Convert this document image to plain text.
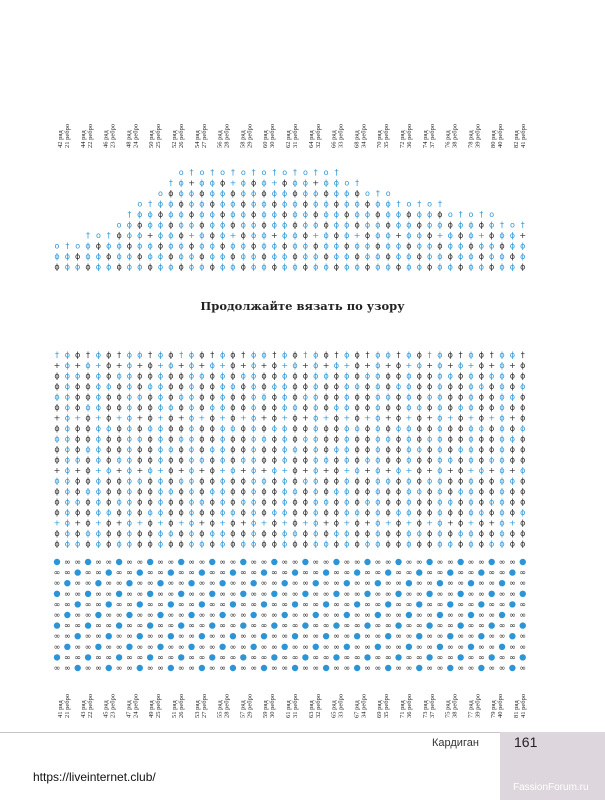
42 ряд 21 ребро 44 ряд 22 ребро 46 ряд 23 ребро 48 ряд 24 ребро 50 ряд 25 ребро 52 ряд 26 ребро 54 ряд 27 ребро 56 ряд 28 ребро 58 ряд 29 ребро 60 ряд 30 ребро 62 ряд 31 ребро 64 ряд 32 ребро 66 ряд 33 ребро 68 ряд 34 ребро 70 ряд 35 ребро 72 ряд 36 ребро 74 ряд 37 ребро 76 ряд 38 ребро 78 ряд 39 ребро 80 ряд 40 ребро 82 ряд 41 ребро
ϕ
ϕ
o
ϕ
ϕ
†
ϕ
ϕ
o
ϕ
ϕ
ϕ
†
ϕ
ϕ
ϕ
o
ϕ
ϕ
ϕ
†
ϕ
ϕ
ϕ
ϕ
o
ϕ
ϕ
ϕ
ϕ
ϕ
†
ϕ
ϕ
ϕ
ϕ
ϕ
ϕ
o
ϕ
ϕ
ϕ
+
ϕ
ϕ
†
ϕ
ϕ
ϕ
ϕ
ϕ
ϕ
ϕ
o
ϕ
ϕ
ϕ
ϕ
ϕ
ϕ
ϕ
ϕ
†
ϕ
ϕ
ϕ
ϕ
ϕ
ϕ
ϕ
ϕ
ϕ
o
ϕ
ϕ
ϕ
+
ϕ
ϕ
ϕ
ϕ
+
†
ϕ
ϕ
ϕ
ϕ
ϕ
ϕ
ϕ
ϕ
ϕ
o
ϕ
ϕ
ϕ
ϕ
ϕ
ϕ
ϕ
ϕ
ϕ
†
ϕ
ϕ
ϕ
ϕ
ϕ
ϕ
ϕ
ϕ
ϕ
o
ϕ
ϕ
ϕ
+
ϕ
ϕ
ϕ
ϕ
+
†
ϕ
ϕ
ϕ
ϕ
ϕ
ϕ
ϕ
ϕ
ϕ
o
ϕ
ϕ
ϕ
ϕ
ϕ
ϕ
ϕ
ϕ
ϕ
†
ϕ
ϕ
ϕ
ϕ
ϕ
ϕ
ϕ
ϕ
ϕ
o
ϕ
ϕ
ϕ
+
ϕ
ϕ
ϕ
ϕ
+
†
ϕ
ϕ
ϕ
ϕ
ϕ
ϕ
ϕ
ϕ
ϕ
o
ϕ
ϕ
ϕ
ϕ
ϕ
ϕ
ϕ
ϕ
ϕ
†
ϕ
ϕ
ϕ
ϕ
ϕ
ϕ
ϕ
ϕ
ϕ
o
ϕ
ϕ
ϕ
+
ϕ
ϕ
ϕ
ϕ
+
†
ϕ
ϕ
ϕ
ϕ
ϕ
ϕ
ϕ
ϕ
ϕ
o
ϕ
ϕ
ϕ
ϕ
ϕ
ϕ
ϕ
ϕ
ϕ
†
ϕ
ϕ
ϕ
ϕ
ϕ
ϕ
ϕ
ϕ
o
ϕ
ϕ
ϕ
+
ϕ
ϕ
ϕ
ϕ
†
ϕ
ϕ
ϕ
ϕ
ϕ
ϕ
ϕ
o
ϕ
ϕ
ϕ
ϕ
ϕ
ϕ
ϕ
†
ϕ
ϕ
ϕ
ϕ
ϕ
ϕ
ϕ
o
ϕ
ϕ
ϕ
+
ϕ
ϕ
†
ϕ
ϕ
ϕ
ϕ
ϕ
ϕ
o
ϕ
ϕ
ϕ
ϕ
ϕ
ϕ
†
ϕ
ϕ
ϕ
ϕ
ϕ
ϕ
o
ϕ
ϕ
ϕ
+
ϕ
ϕ
†
ϕ
ϕ
ϕ
ϕ
ϕ
o
ϕ
ϕ
ϕ
ϕ
ϕ
†
ϕ
ϕ
ϕ
ϕ
ϕ
o
ϕ
ϕ
ϕ
+
ϕ
†
ϕ
ϕ
ϕ
ϕ
ϕ
o
ϕ
ϕ
ϕ
ϕ
†
ϕ
ϕ
ϕ
ϕ
o
ϕ
ϕ
ϕ
+
†
Продолжайте вязать по узору
41 ряд 21 ребро 43 ряд 22 ребро 45 ряд 23 ребро 47 ряд 24 ребро 49 ряд 25 ребро 51 ряд 26 ребро 53 ряд 27 ребро 55 ряд 28 ребро 57 ряд 29 ребро 59 ряд 30 ребро 61 ряд 31 ребро 63 ряд 32 ребро 65 ряд 33 ребро 67 ряд 34 ребро 69 ряд 35 ребро 71 ряд 36 ребро 73 ряд 37 ребро 75 ряд 38 ребро 77 ряд 39 ребро 79 ряд 40 ребро 81 ряд 41 ребро
†
+
ϕ
ϕ
ϕ
ϕ
+
ϕ
ϕ
ϕ
ϕ
+
ϕ
ϕ
ϕ
ϕ
+
ϕ
ϕ
∞
∞
∞
∞
∞
∞
∞
ϕ
ϕ
ϕ
ϕ
ϕ
ϕ
ϕ
ϕ
ϕ
ϕ
ϕ
ϕ
ϕ
ϕ
ϕ
ϕ
ϕ
ϕ
ϕ
∞
∞
∞
∞
∞
∞
∞
∞
ϕ
+
ϕ
ϕ
ϕ
ϕ
+
ϕ
ϕ
ϕ
ϕ
+
ϕ
ϕ
ϕ
ϕ
+
ϕ
ϕ
∞
∞
∞
∞
∞
∞
∞
†
ϕ
ϕ
ϕ
ϕ
ϕ
ϕ
ϕ
ϕ
ϕ
ϕ
ϕ
ϕ
ϕ
ϕ
ϕ
ϕ
ϕ
ϕ
∞
∞
∞
∞
∞
∞
∞
ϕ
+
ϕ
ϕ
ϕ
ϕ
+
ϕ
ϕ
ϕ
ϕ
+
ϕ
ϕ
ϕ
ϕ
+
ϕ
ϕ
∞
∞
∞
∞
∞
∞
∞
∞
ϕ
ϕ
ϕ
ϕ
ϕ
ϕ
ϕ
ϕ
ϕ
ϕ
ϕ
ϕ
ϕ
ϕ
ϕ
ϕ
ϕ
ϕ
ϕ
∞
∞
∞
∞
∞
∞
∞
†
+
ϕ
ϕ
ϕ
ϕ
+
ϕ
ϕ
ϕ
ϕ
+
ϕ
ϕ
ϕ
ϕ
+
ϕ
ϕ
∞
∞
∞
∞
∞
∞
∞
ϕ
ϕ
ϕ
ϕ
ϕ
ϕ
ϕ
ϕ
ϕ
ϕ
ϕ
ϕ
ϕ
ϕ
ϕ
ϕ
ϕ
ϕ
ϕ
∞
∞
∞
∞
∞
∞
∞
∞
ϕ
+
ϕ
ϕ
ϕ
ϕ
+
ϕ
ϕ
ϕ
ϕ
+
ϕ
ϕ
ϕ
ϕ
+
ϕ
ϕ
∞
∞
∞
∞
∞
∞
∞
†
ϕ
ϕ
ϕ
ϕ
ϕ
ϕ
ϕ
ϕ
ϕ
ϕ
ϕ
ϕ
ϕ
ϕ
ϕ
ϕ
ϕ
ϕ
∞
∞
∞
∞
∞
∞
∞
ϕ
+
ϕ
ϕ
ϕ
ϕ
+
ϕ
ϕ
ϕ
ϕ
+
ϕ
ϕ
ϕ
ϕ
+
ϕ
ϕ
∞
∞
∞
∞
∞
∞
∞
∞
ϕ
ϕ
ϕ
ϕ
ϕ
ϕ
ϕ
ϕ
ϕ
ϕ
ϕ
ϕ
ϕ
ϕ
ϕ
ϕ
ϕ
ϕ
ϕ
∞
∞
∞
∞
∞
∞
∞
†
+
ϕ
ϕ
ϕ
ϕ
+
ϕ
ϕ
ϕ
ϕ
+
ϕ
ϕ
ϕ
ϕ
+
ϕ
ϕ
∞
∞
∞
∞
∞
∞
∞
ϕ
ϕ
ϕ
ϕ
ϕ
ϕ
ϕ
ϕ
ϕ
ϕ
ϕ
ϕ
ϕ
ϕ
ϕ
ϕ
ϕ
ϕ
ϕ
∞
∞
∞
∞
∞
∞
∞
∞
ϕ
+
ϕ
ϕ
ϕ
ϕ
+
ϕ
ϕ
ϕ
ϕ
+
ϕ
ϕ
ϕ
ϕ
+
ϕ
ϕ
∞
∞
∞
∞
∞
∞
∞
†
ϕ
ϕ
ϕ
ϕ
ϕ
ϕ
ϕ
ϕ
ϕ
ϕ
ϕ
ϕ
ϕ
ϕ
ϕ
ϕ
ϕ
ϕ
∞
∞
∞
∞
∞
∞
∞
ϕ
+
ϕ
ϕ
ϕ
ϕ
+
ϕ
ϕ
ϕ
ϕ
+
ϕ
ϕ
ϕ
ϕ
+
ϕ
ϕ
∞
∞
∞
∞
∞
∞
∞
∞
ϕ
ϕ
ϕ
ϕ
ϕ
ϕ
ϕ
ϕ
ϕ
ϕ
ϕ
ϕ
ϕ
ϕ
ϕ
ϕ
ϕ
ϕ
ϕ
∞
∞
∞
∞
∞
∞
∞
†
+
ϕ
ϕ
ϕ
ϕ
+
ϕ
ϕ
ϕ
ϕ
+
ϕ
ϕ
ϕ
ϕ
+
ϕ
ϕ
∞
∞
∞
∞
∞
∞
∞
ϕ
ϕ
ϕ
ϕ
ϕ
ϕ
ϕ
ϕ
ϕ
ϕ
ϕ
ϕ
ϕ
ϕ
ϕ
ϕ
ϕ
ϕ
ϕ
∞
∞
∞
∞
∞
∞
∞
∞
ϕ
+
ϕ
ϕ
ϕ
ϕ
+
ϕ
ϕ
ϕ
ϕ
+
ϕ
ϕ
ϕ
ϕ
+
ϕ
ϕ
∞
∞
∞
∞
∞
∞
∞
†
ϕ
ϕ
ϕ
ϕ
ϕ
ϕ
ϕ
ϕ
ϕ
ϕ
ϕ
ϕ
ϕ
ϕ
ϕ
ϕ
ϕ
ϕ
∞
∞
∞
∞
∞
∞
∞
ϕ
+
ϕ
ϕ
ϕ
ϕ
+
ϕ
ϕ
ϕ
ϕ
+
ϕ
ϕ
ϕ
ϕ
+
ϕ
ϕ
∞
∞
∞
∞
∞
∞
∞
∞
ϕ
ϕ
ϕ
ϕ
ϕ
ϕ
ϕ
ϕ
ϕ
ϕ
ϕ
ϕ
ϕ
ϕ
ϕ
ϕ
ϕ
ϕ
ϕ
∞
∞
∞
∞
∞
∞
∞
†
+
ϕ
ϕ
ϕ
ϕ
+
ϕ
ϕ
ϕ
ϕ
+
ϕ
ϕ
ϕ
ϕ
+
ϕ
ϕ
∞
∞
∞
∞
∞
∞
∞
ϕ
ϕ
ϕ
ϕ
ϕ
ϕ
ϕ
ϕ
ϕ
ϕ
ϕ
ϕ
ϕ
ϕ
ϕ
ϕ
ϕ
ϕ
ϕ
∞
∞
∞
∞
∞
∞
∞
∞
ϕ
+
ϕ
ϕ
ϕ
ϕ
+
ϕ
ϕ
ϕ
ϕ
+
ϕ
ϕ
ϕ
ϕ
+
ϕ
ϕ
∞
∞
∞
∞
∞
∞
∞
†
ϕ
ϕ
ϕ
ϕ
ϕ
ϕ
ϕ
ϕ
ϕ
ϕ
ϕ
ϕ
ϕ
ϕ
ϕ
ϕ
ϕ
ϕ
∞
∞
∞
∞
∞
∞
∞
ϕ
+
ϕ
ϕ
ϕ
ϕ
+
ϕ
ϕ
ϕ
ϕ
+
ϕ
ϕ
ϕ
ϕ
+
ϕ
ϕ
∞
∞
∞
∞
∞
∞
∞
∞
ϕ
ϕ
ϕ
ϕ
ϕ
ϕ
ϕ
ϕ
ϕ
ϕ
ϕ
ϕ
ϕ
ϕ
ϕ
ϕ
ϕ
ϕ
ϕ
∞
∞
∞
∞
∞
∞
∞
†
+
ϕ
ϕ
ϕ
ϕ
+
ϕ
ϕ
ϕ
ϕ
+
ϕ
ϕ
ϕ
ϕ
+
ϕ
ϕ
∞
∞
∞
∞
∞
∞
∞
ϕ
ϕ
ϕ
ϕ
ϕ
ϕ
ϕ
ϕ
ϕ
ϕ
ϕ
ϕ
ϕ
ϕ
ϕ
ϕ
ϕ
ϕ
ϕ
∞
∞
∞
∞
∞
∞
∞
∞
ϕ
+
ϕ
ϕ
ϕ
ϕ
+
ϕ
ϕ
ϕ
ϕ
+
ϕ
ϕ
ϕ
ϕ
+
ϕ
ϕ
∞
∞
∞
∞
∞
∞
∞
†
ϕ
ϕ
ϕ
ϕ
ϕ
ϕ
ϕ
ϕ
ϕ
ϕ
ϕ
ϕ
ϕ
ϕ
ϕ
ϕ
ϕ
ϕ
∞
∞
∞
∞
∞
∞
∞
ϕ
+
ϕ
ϕ
ϕ
ϕ
+
ϕ
ϕ
ϕ
ϕ
+
ϕ
ϕ
ϕ
ϕ
+
ϕ
ϕ
∞
∞
∞
∞
∞
∞
∞
∞
ϕ
ϕ
ϕ
ϕ
ϕ
ϕ
ϕ
ϕ
ϕ
ϕ
ϕ
ϕ
ϕ
ϕ
ϕ
ϕ
ϕ
ϕ
ϕ
∞
∞
∞
∞
∞
∞
∞
†
+
ϕ
ϕ
ϕ
ϕ
+
ϕ
ϕ
ϕ
ϕ
+
ϕ
ϕ
ϕ
ϕ
+
ϕ
ϕ
∞
∞
∞
∞
∞
∞
∞
ϕ
ϕ
ϕ
ϕ
ϕ
ϕ
ϕ
ϕ
ϕ
ϕ
ϕ
ϕ
ϕ
ϕ
ϕ
ϕ
ϕ
ϕ
ϕ
∞
∞
∞
∞
∞
∞
∞
∞
ϕ
+
ϕ
ϕ
ϕ
ϕ
+
ϕ
ϕ
ϕ
ϕ
+
ϕ
ϕ
ϕ
ϕ
+
ϕ
ϕ
∞
∞
∞
∞
∞
∞
∞
†
ϕ
ϕ
ϕ
ϕ
ϕ
ϕ
ϕ
ϕ
ϕ
ϕ
ϕ
ϕ
ϕ
ϕ
ϕ
ϕ
ϕ
ϕ
∞
∞
∞
∞
∞
∞
∞
ϕ
+
ϕ
ϕ
ϕ
ϕ
+
ϕ
ϕ
ϕ
ϕ
+
ϕ
ϕ
ϕ
ϕ
+
ϕ
ϕ
∞
∞
∞
∞
∞
∞
∞
∞
ϕ
ϕ
ϕ
ϕ
ϕ
ϕ
ϕ
ϕ
ϕ
ϕ
ϕ
ϕ
ϕ
ϕ
ϕ
ϕ
ϕ
ϕ
ϕ
∞
∞
∞
∞
∞
∞
∞
†
+
ϕ
ϕ
ϕ
ϕ
+
ϕ
ϕ
ϕ
ϕ
+
ϕ
ϕ
ϕ
ϕ
+
ϕ
ϕ
∞
∞
∞
∞
∞
∞
∞
ϕ
ϕ
ϕ
ϕ
ϕ
ϕ
ϕ
ϕ
ϕ
ϕ
ϕ
ϕ
ϕ
ϕ
ϕ
ϕ
ϕ
ϕ
ϕ
∞
∞
∞
∞
∞
∞
∞
∞
ϕ
+
ϕ
ϕ
ϕ
ϕ
+
ϕ
ϕ
ϕ
ϕ
+
ϕ
ϕ
ϕ
ϕ
+
ϕ
ϕ
∞
∞
∞
∞
∞
∞
∞
†
ϕ
ϕ
ϕ
ϕ
ϕ
ϕ
ϕ
ϕ
ϕ
ϕ
ϕ
ϕ
ϕ
ϕ
ϕ
ϕ
ϕ
ϕ
∞
∞
∞
∞
∞
∞
∞
Кардиган	161
https://liveinternet.club/
FassionForum.ru
